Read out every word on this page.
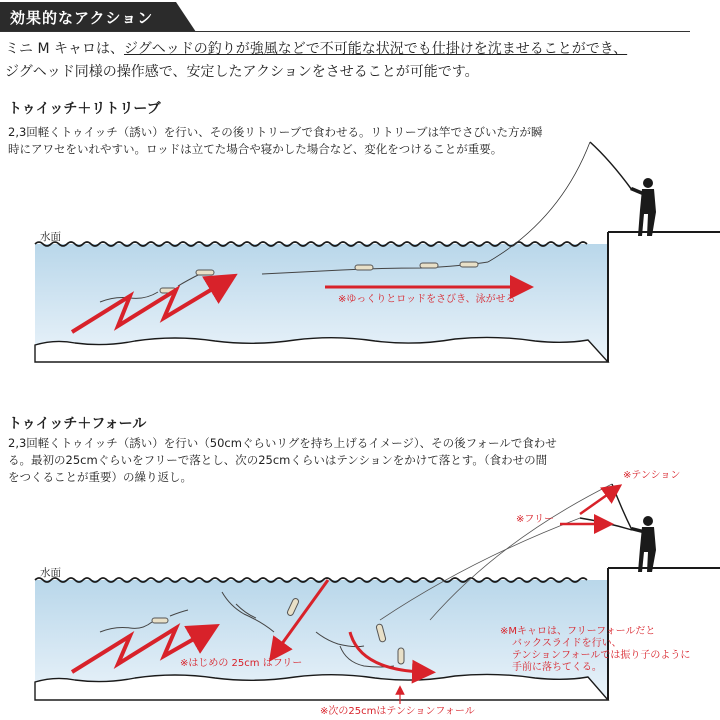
効果的なアクション
ミニ M キャロは、ジグヘッドの釣りが強風などで不可能な状況でも仕掛けを沈ませることができ、
ジグヘッド同様の操作感で、安定したアクションをさせることが可能です。
トゥイッチ＋リトリーブ
2,3回軽くトゥイッチ（誘い）を行い、その後リトリーブで食わせる。リトリーブは竿でさびいた方が瞬
時にアワセをいれやすい。ロッドは立てた場合や寝かした場合など、変化をつけることが重要。
トゥイッチ＋フォール
2,3回軽くトゥイッチ（誘い）を行い（50cmぐらいリグを持ち上げるイメージ）、その後フォールで食わせ
る。最初の25cmぐらいをフリーで落とし、次の25cmくらいはテンションをかけて落とす。（食わせの間
をつくることが重要）の繰り返し。
水面
※ゆっくりとロッドをさびき、泳がせる
水面
※テンション
※フリー
※はじめの 25cm はフリー
※次の25cmはテンションフォール
※Mキャロは、フリーフォールだと
バックスライドを行い、
テンションフォールでは振り子のように
手前に落ちてくる。
